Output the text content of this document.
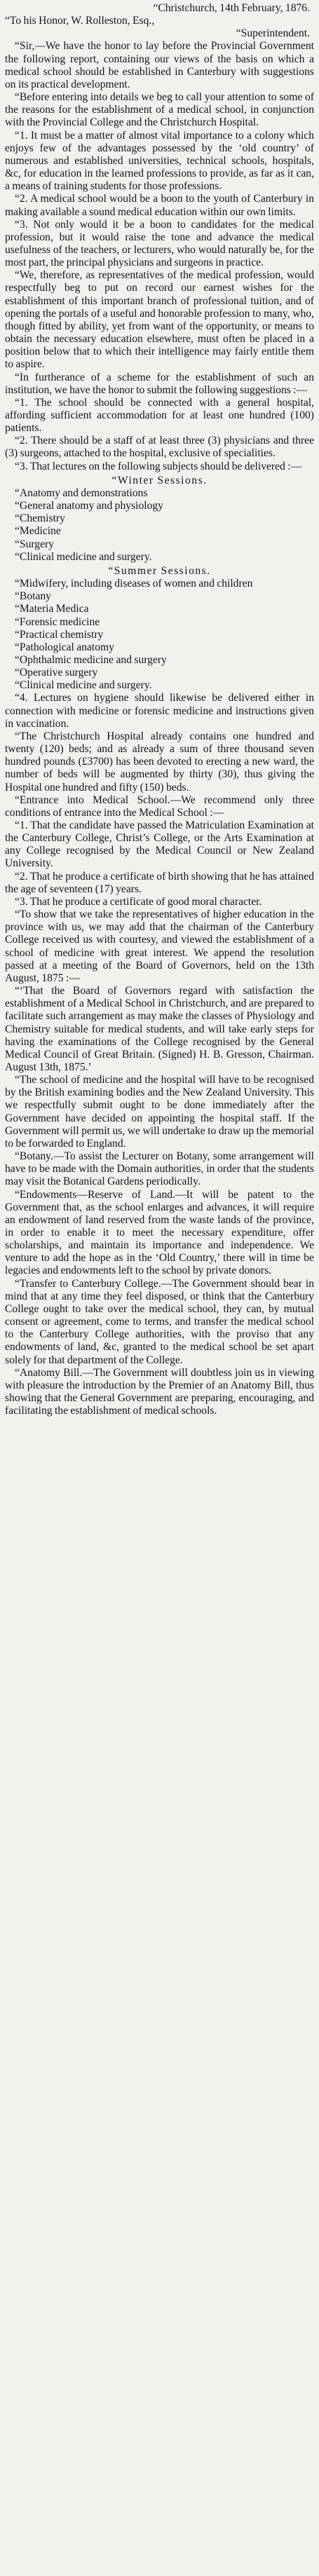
“Christchurch, 14th February, 1876.

“To his Honor, W. Rolleston, Esq.,

“Superintendent.

“Sir,—We have the honor to lay before the Provincial Government the following report, containing our views of the basis on which a medical school should be established in Canterbury with suggestions on its practical development.

“Before entering into details we beg to call your attention to some of the reasons for the establishment of a medical school, in conjunction with the Provincial College and the Christchurch Hospital.

“1. It must be a matter of almost vital importance to a colony which enjoys few of the advantages possessed by the ‘old country’ of numerous and established universities, technical schools, hospitals, &c, for education in the learned professions to provide, as far as it can, a means of training students for those professions.

“2. A medical school would be a boon to the youth of Canterbury in making available a sound medical education within our own limits.

“3. Not only would it be a boon to candidates for the medical profession, but it would raise the tone and advance the medical usefulness of the teachers, or lecturers, who would naturally be, for the most part, the principal physicians and surgeons in practice.

“We, therefore, as representatives of the medical profession, would respectfully beg to put on record our earnest wishes for the establishment of this important branch of professional tuition, and of opening the portals of a useful and honorable profession to many, who, though fitted by ability, yet from want of the opportunity, or means to obtain the necessary education elsewhere, must often be placed in a position below that to which their intelligence may fairly entitle them to aspire.

“In furtherance of a scheme for the establishment of such an institution, we have the honor to submit the following suggestions :—

“1. The school should be connected with a general hospital, affording sufficient accommodation for at least one hundred (100) patients.

“2. There should be a staff of at least three (3) physicians and three (3) surgeons, attached to the hospital, exclusive of specialities.

“3. That lectures on the following subjects should be delivered :—

“Winter Sessions.

“Anatomy and demonstrations

“General anatomy and physiology

“Chemistry

“Medicine

“Surgery

“Clinical medicine and surgery.

“Summer Sessions.

“Midwifery, including diseases of women and children

“Botany

“Materia Medica

“Forensic medicine

“Practical chemistry

“Pathological anatomy

“Ophthalmic medicine and surgery

“Operative surgery

“Clinical medicine and surgery.

“4. Lectures on hygiene should likewise be delivered either in connection with medicine or forensic medicine and instructions given in vaccination.

“The Christchurch Hospital already contains one hundred and twenty (120) beds; and as already a sum of three thousand seven hundred pounds (£3700) has been devoted to erecting a new ward, the number of beds will be augmented by thirty (30), thus giving the Hospital one hundred and fifty (150) beds.

“Entrance into Medical School.—We recommend only three conditions of entrance into the Medical School :—

“1. That the candidate have passed the Matriculation Examination at the Canterbury College, Christ’s College, or the Arts Examination at any College recognised by the Medical Council or New Zealand University.

“2. That he produce a certificate of birth showing that he has attained the age of seventeen (17) years.

“3. That he produce a certificate of good moral character.

“To show that we take the representatives of higher education in the province with us, we may add that the chairman of the Canterbury College received us with courtesy, and viewed the establishment of a school of medicine with great interest. We append the resolution passed at a meeting of the Board of Governors, held on the 13th August, 1875 :—

“‘That the Board of Governors regard with satisfaction the establishment of a Medical School in Christchurch, and are prepared to facilitate such arrangement as may make the classes of Physiology and Chemistry suitable for medical students, and will take early steps for having the examinations of the College recognised by the General Medical Council of Great Britain. (Signed) H. B. Gresson, Chairman. August 13th, 1875.’

“The school of medicine and the hospital will have to be recognised by the British examining bodies and the New Zealand University. This we respectfully submit ought to be done immediately after the Government have decided on appointing the hospital staff. If the Government will permit us, we will undertake to draw up the memorial to be forwarded to England.

“Botany.—To assist the Lecturer on Botany, some arrangement will have to be made with the Domain authorities, in order that the students may visit the Botanical Gardens periodically.

“Endowments—Reserve of Land.—It will be patent to the Government that, as the school enlarges and advances, it will require an endowment of land reserved from the waste lands of the province, in order to enable it to meet the necessary expenditure, offer scholarships, and maintain its importance and independence. We venture to add the hope as in the ‘Old Country,’ there will in time be legacies and endowments left to the school by private donors.

“Transfer to Canterbury College.—The Government should bear in mind that at any time they feel disposed, or think that the Canterbury College ought to take over the medical school, they can, by mutual consent or agreement, come to terms, and transfer the medical school to the Canterbury College authorities, with the proviso that any endowments of land, &c, granted to the medical school be set apart solely for that department of the College.

“Anatomy Bill.—The Government will doubtless join us in viewing with pleasure the introduction by the Premier of an Anatomy Bill, thus showing that the General Government are preparing, encouraging, and facilitating the establishment of medical schools.
